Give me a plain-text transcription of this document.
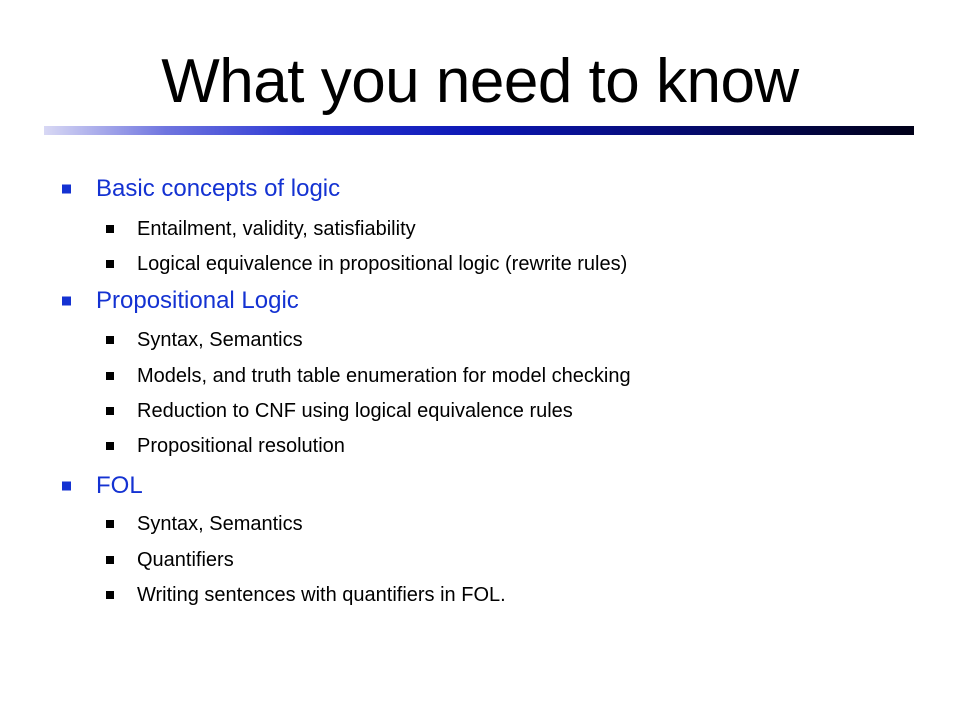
What you need to know
Basic concepts of logic
Entailment, validity, satisfiability
Logical equivalence in propositional logic (rewrite rules)
Propositional Logic
Syntax, Semantics
Models, and truth table enumeration for model checking
Reduction to CNF using logical equivalence rules
Propositional resolution
FOL
Syntax, Semantics
Quantifiers
Writing sentences with quantifiers in FOL.
